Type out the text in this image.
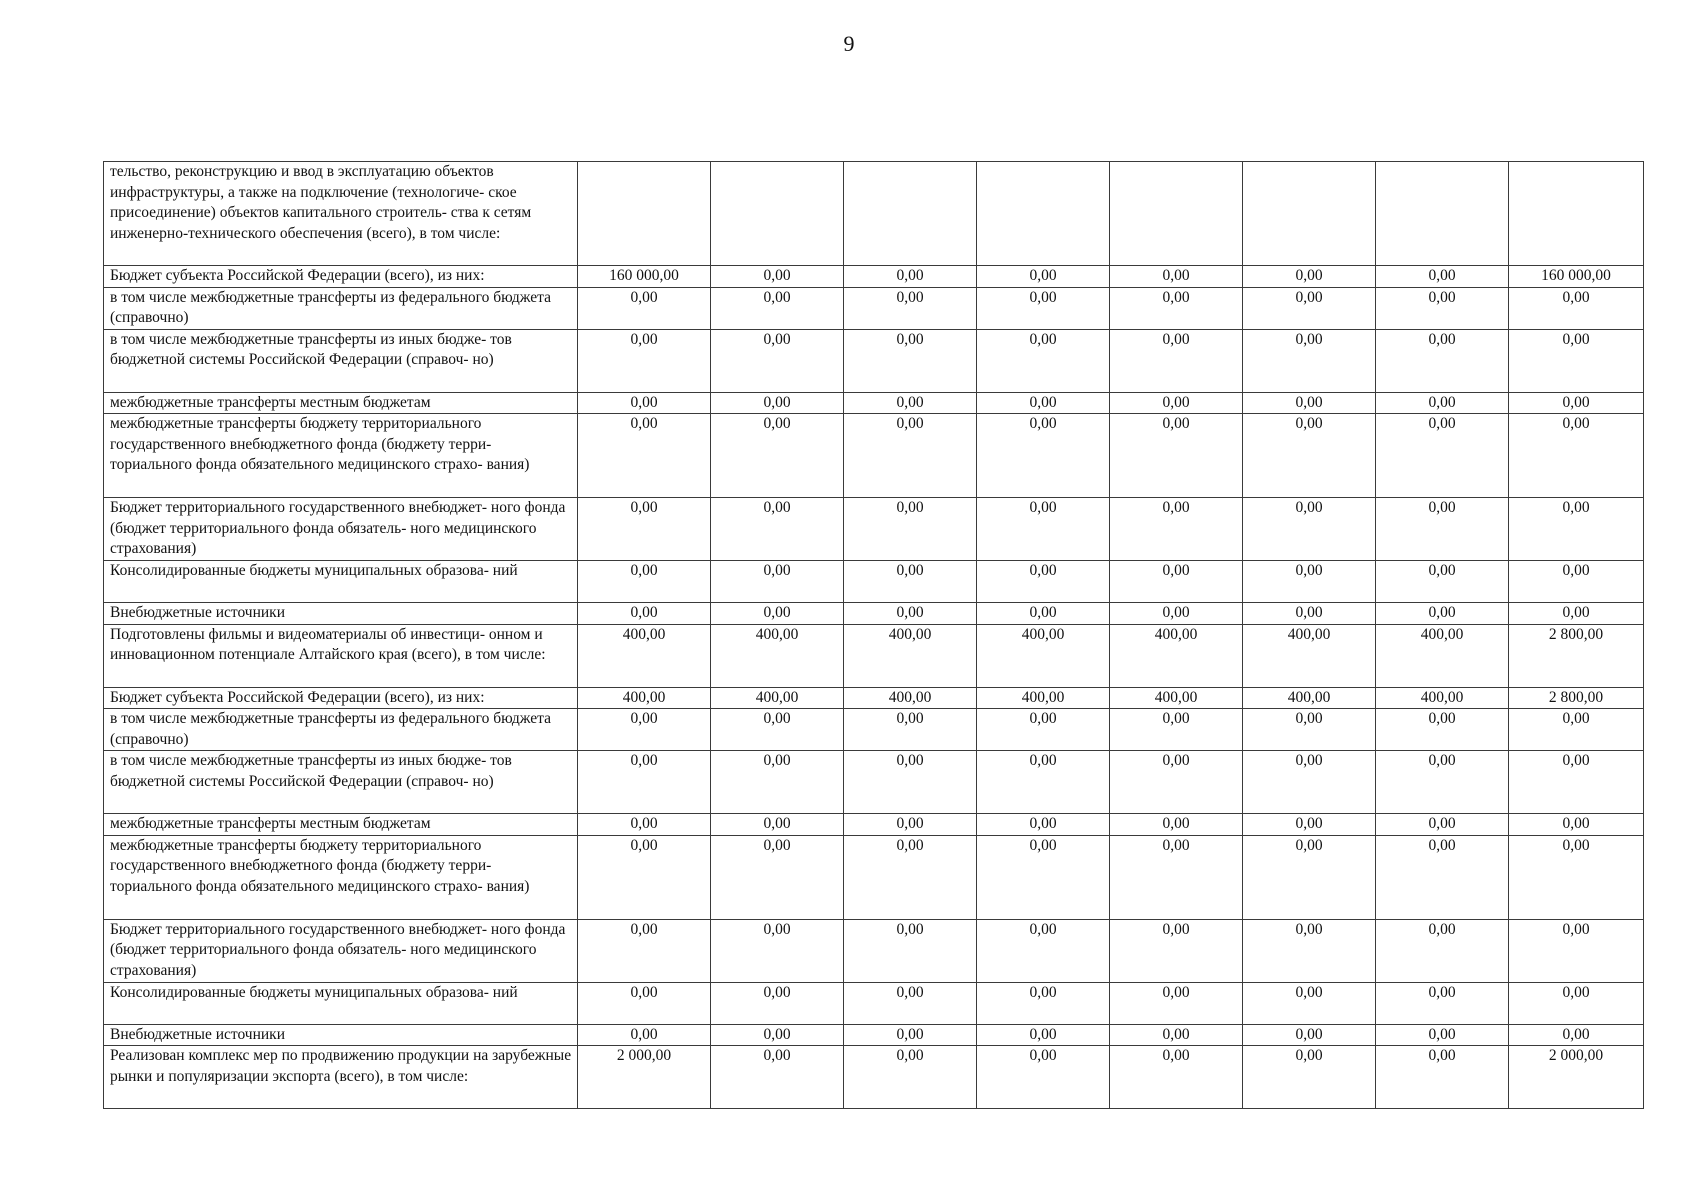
9
тельство, реконструкцию и ввод в эксплуатацию объектов инфраструктуры, а также на подключение (технологиче- ское присоединение) объектов капитального строитель- ства к сетям инженерно-технического обеспечения (всего), в том числе:								
Бюджет субъекта Российской Федерации (всего), из них:	160 000,00	0,00	0,00	0,00	0,00	0,00	0,00	160 000,00
в том числе межбюджетные трансферты из федерального бюджета (справочно)	0,00	0,00	0,00	0,00	0,00	0,00	0,00	0,00
в том числе межбюджетные трансферты из иных бюдже- тов бюджетной системы Российской Федерации (справоч- но)	0,00	0,00	0,00	0,00	0,00	0,00	0,00	0,00
межбюджетные трансферты местным бюджетам	0,00	0,00	0,00	0,00	0,00	0,00	0,00	0,00
межбюджетные трансферты бюджету территориального государственного внебюджетного фонда (бюджету терри- ториального фонда обязательного медицинского страхо- вания)	0,00	0,00	0,00	0,00	0,00	0,00	0,00	0,00
Бюджет территориального государственного внебюджет- ного фонда (бюджет территориального фонда обязатель- ного медицинского страхования)	0,00	0,00	0,00	0,00	0,00	0,00	0,00	0,00
Консолидированные бюджеты муниципальных образова- ний	0,00	0,00	0,00	0,00	0,00	0,00	0,00	0,00
Внебюджетные источники	0,00	0,00	0,00	0,00	0,00	0,00	0,00	0,00
Подготовлены фильмы и видеоматериалы об инвестици- онном и инновационном потенциале Алтайского края (всего), в том числе:	400,00	400,00	400,00	400,00	400,00	400,00	400,00	2 800,00
Бюджет субъекта Российской Федерации (всего), из них:	400,00	400,00	400,00	400,00	400,00	400,00	400,00	2 800,00
в том числе межбюджетные трансферты из федерального бюджета (справочно)	0,00	0,00	0,00	0,00	0,00	0,00	0,00	0,00
в том числе межбюджетные трансферты из иных бюдже- тов бюджетной системы Российской Федерации (справоч- но)	0,00	0,00	0,00	0,00	0,00	0,00	0,00	0,00
межбюджетные трансферты местным бюджетам	0,00	0,00	0,00	0,00	0,00	0,00	0,00	0,00
межбюджетные трансферты бюджету территориального государственного внебюджетного фонда (бюджету терри- ториального фонда обязательного медицинского страхо- вания)	0,00	0,00	0,00	0,00	0,00	0,00	0,00	0,00
Бюджет территориального государственного внебюджет- ного фонда (бюджет территориального фонда обязатель- ного медицинского страхования)	0,00	0,00	0,00	0,00	0,00	0,00	0,00	0,00
Консолидированные бюджеты муниципальных образова- ний	0,00	0,00	0,00	0,00	0,00	0,00	0,00	0,00
Внебюджетные источники	0,00	0,00	0,00	0,00	0,00	0,00	0,00	0,00
Реализован комплекс мер по продвижению продукции на зарубежные рынки и популяризации экспорта (всего), в том числе:	2 000,00	0,00	0,00	0,00	0,00	0,00	0,00	2 000,00
